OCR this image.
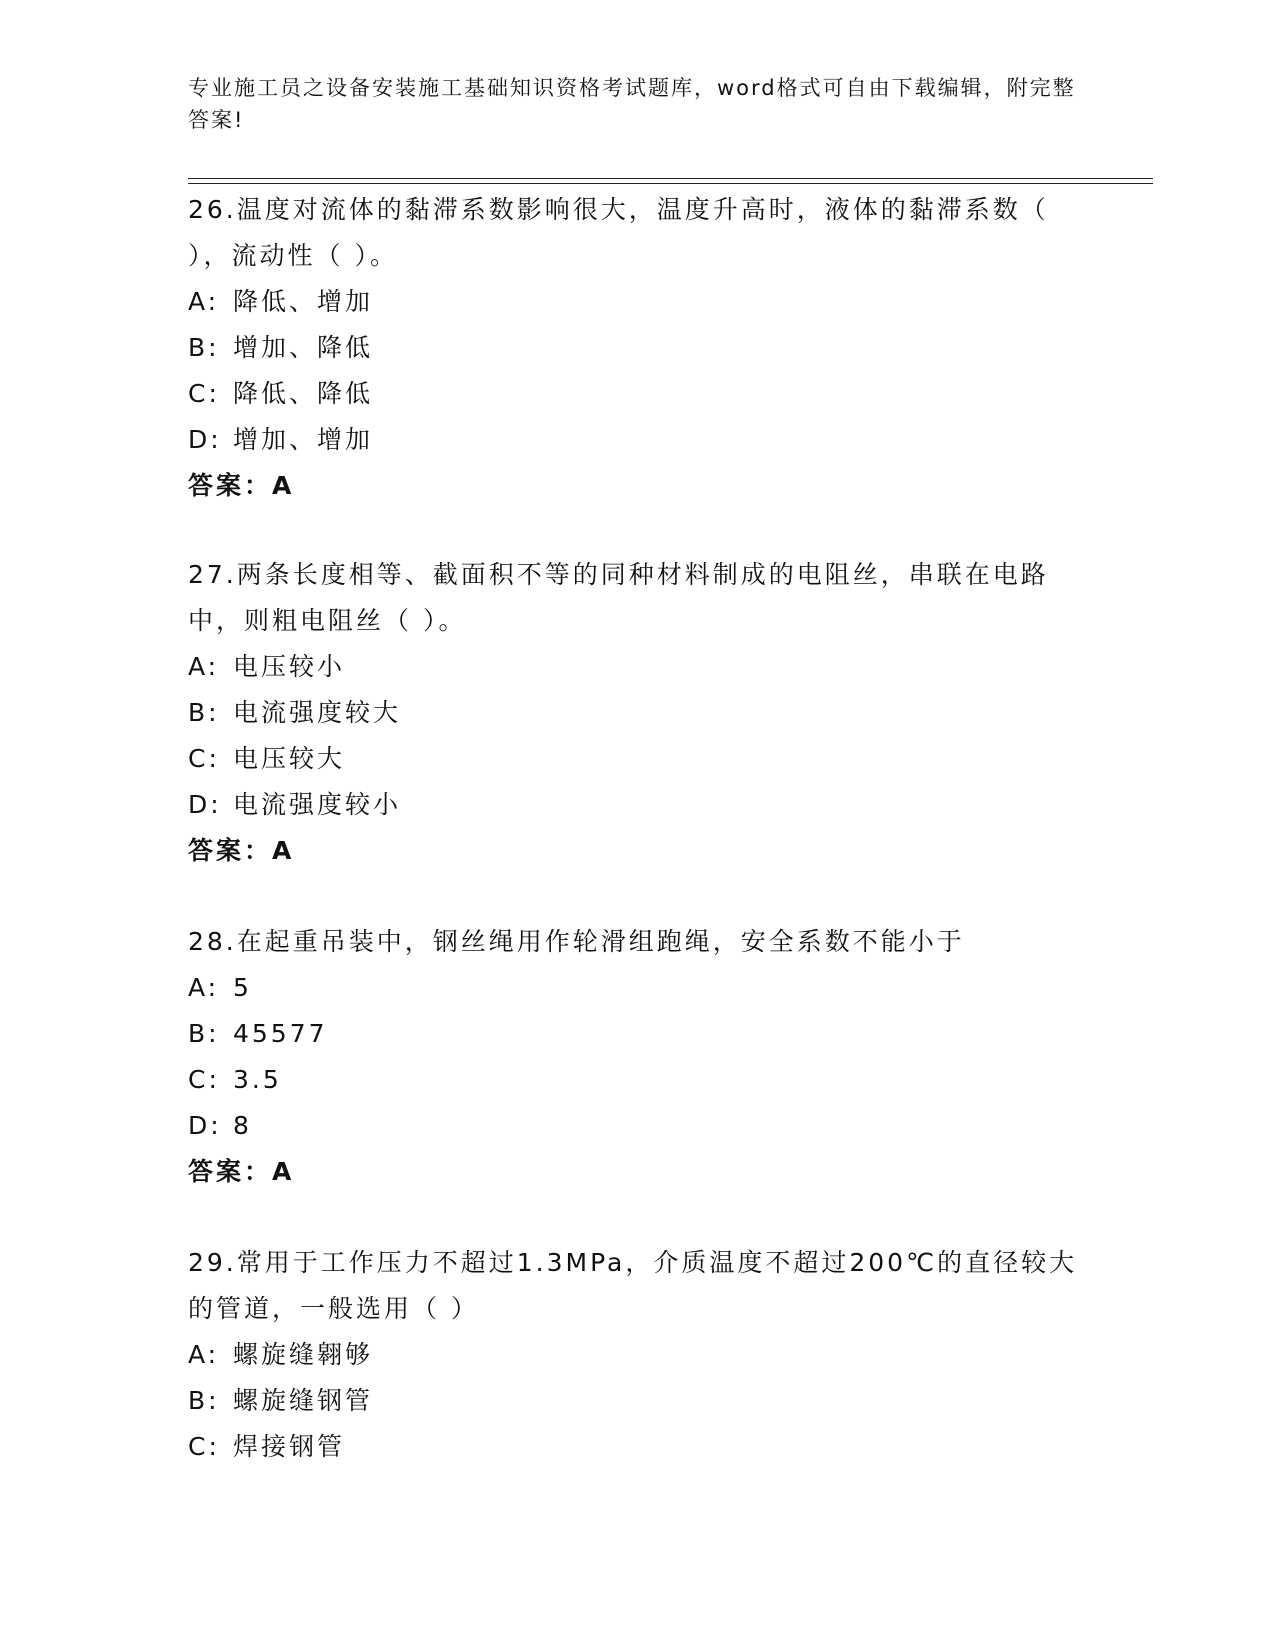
专业施工员之设备安装施工基础知识资格考试题库，word格式可自由下载编辑，附完整答案!
26.温度对流体的黏滞系数影响很大，温度升高时，液体的黏滞系数（ ），流动性（ ）。
A: 降低、增加
B: 增加、降低
C: 降低、降低
D: 增加、增加
答案：A
27.两条长度相等、截面积不等的同种材料制成的电阻丝，串联在电路中，则粗电阻丝（ ）。
A: 电压较小
B: 电流强度较大
C: 电压较大
D: 电流强度较小
答案：A
28.在起重吊装中，钢丝绳用作轮滑组跑绳，安全系数不能小于
A: 5
B: 45577
C: 3.5
D: 8
答案：A
29.常用于工作压力不超过1.3MPa，介质温度不超过200℃的直径较大的管道，一般选用（ ）
A: 螺旋缝翱够
B: 螺旋缝钢管
C: 焊接钢管
